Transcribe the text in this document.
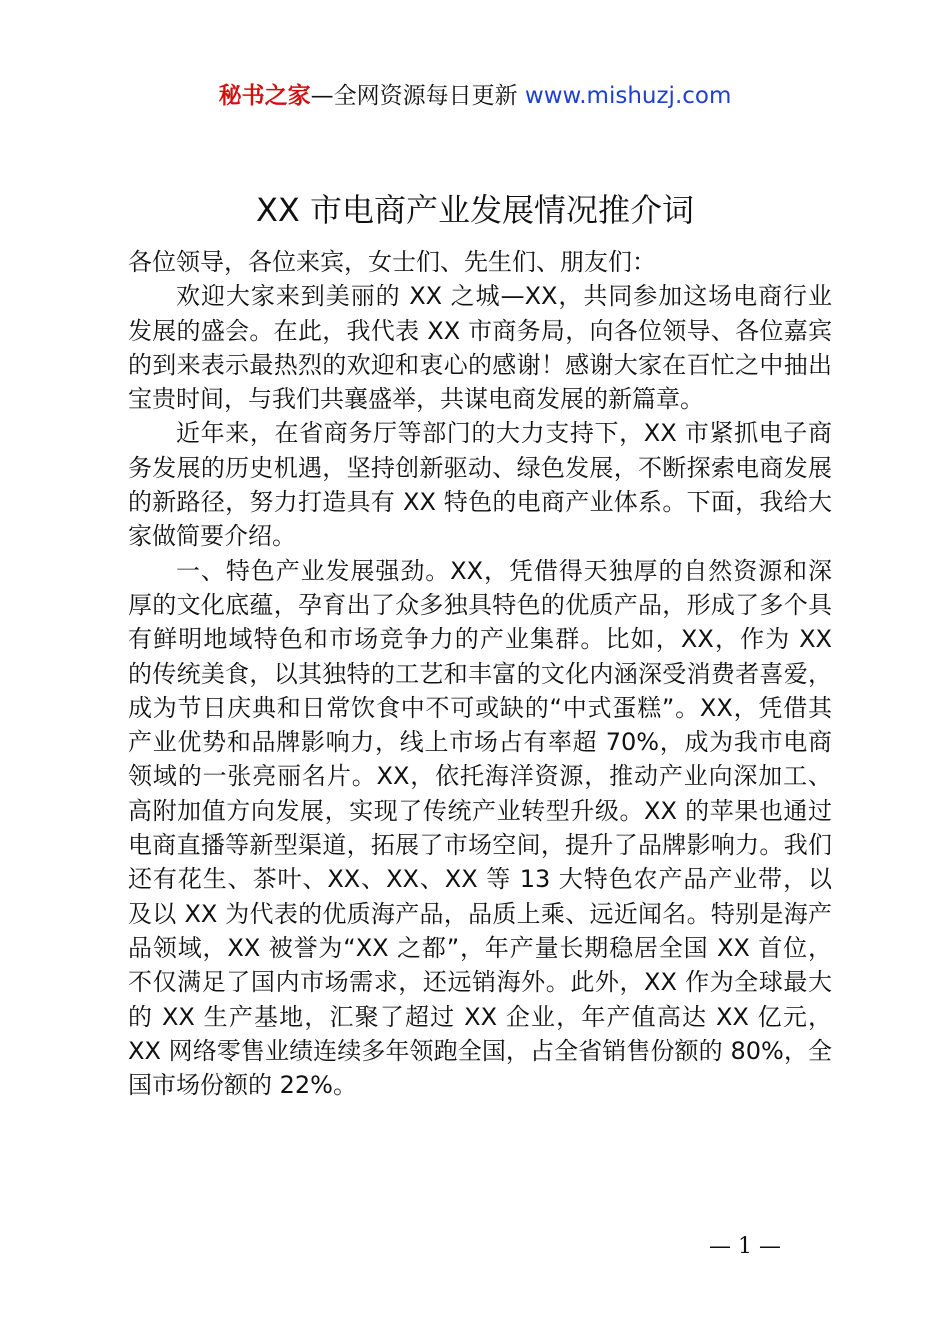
秘书之家—全网资源每日更新 www.mishuzj.com
XX 市电商产业发展情况推介词

各位领导，各位来宾，女士们、先生们、朋友们：

欢迎大家来到美丽的 XX 之城—XX，共同参加这场电商行业发展的盛会。在此，我代表 XX 市商务局，向各位领导、各位嘉宾的到来表示最热烈的欢迎和衷心的感谢！感谢大家在百忙之中抽出宝贵时间，与我们共襄盛举，共谋电商发展的新篇章。

近年来，在省商务厅等部门的大力支持下，XX 市紧抓电子商务发展的历史机遇，坚持创新驱动、绿色发展，不断探索电商发展的新路径，努力打造具有 XX 特色的电商产业体系。下面，我给大家做简要介绍。

一、特色产业发展强劲。XX，凭借得天独厚的自然资源和深厚的文化底蕴，孕育出了众多独具特色的优质产品，形成了多个具有鲜明地域特色和市场竞争力的产业集群。比如，XX，作为 XX 的传统美食，以其独特的工艺和丰富的文化内涵深受消费者喜爱，成为节日庆典和日常饮食中不可或缺的“中式蛋糕”。XX，凭借其产业优势和品牌影响力，线上市场占有率超 70%，成为我市电商领域的一张亮丽名片。XX，依托海洋资源，推动产业向深加工、高附加值方向发展，实现了传统产业转型升级。XX 的苹果也通过电商直播等新型渠道，拓展了市场空间，提升了品牌影响力。我们还有花生、茶叶、XX、XX、XX 等 13 大特色农产品产业带，以及以 XX 为代表的优质海产品，品质上乘、远近闻名。特别是海产品领域，XX 被誉为“XX 之都”，年产量长期稳居全国 XX 首位，不仅满足了国内市场需求，还远销海外。此外，XX 作为全球最大的 XX 生产基地，汇聚了超过 XX 企业，年产值高达 XX 亿元，XX 网络零售业绩连续多年领跑全国，占全省销售份额的 80%，全国市场份额的 22%。

— 1 —
